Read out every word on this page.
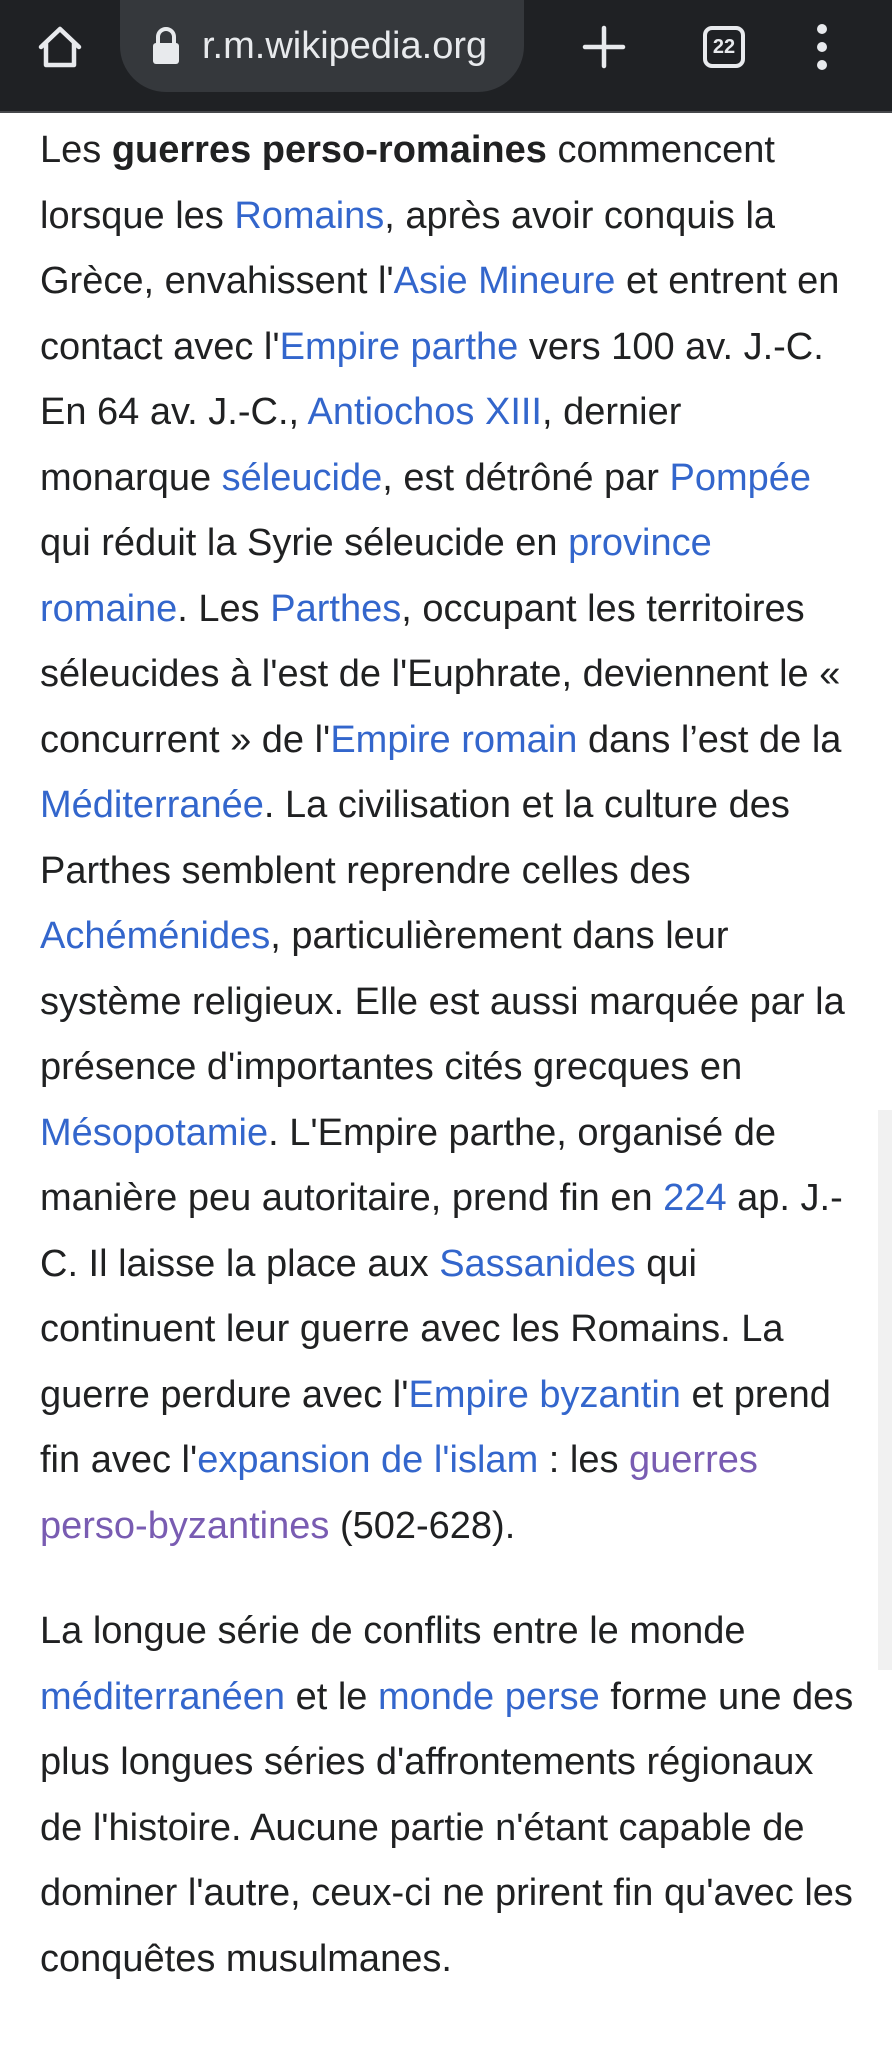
r.m.wikipedia.org	22

Les guerres perso-romaines commencent lorsque les Romains, après avoir conquis la Grèce, envahissent l'Asie Mineure et entrent en contact avec l'Empire parthe vers 100 av. J.-C. En 64 av. J.-C., Antiochos XIII, dernier monarque séleucide, est détrôné par Pompée qui réduit la Syrie séleucide en province romaine. Les Parthes, occupant les territoires séleucides à l'est de l'Euphrate, deviennent le « concurrent » de l'Empire romain dans l’est de la Méditerranée. La civilisation et la culture des Parthes semblent reprendre celles des Achéménides, particulièrement dans leur système religieux. Elle est aussi marquée par la présence d'importantes cités grecques en Mésopotamie. L'Empire parthe, organisé de manière peu autoritaire, prend fin en 224 ap. J.-C. Il laisse la place aux Sassanides qui continuent leur guerre avec les Romains. La guerre perdure avec l'Empire byzantin et prend fin avec l'expansion de l'islam : les guerres perso-byzantines (502-628).

La longue série de conflits entre le monde méditerranéen et le monde perse forme une des plus longues séries d'affrontements régionaux de l'histoire. Aucune partie n'étant capable de dominer l'autre, ceux-ci ne prirent fin qu'avec les conquêtes musulmanes.
